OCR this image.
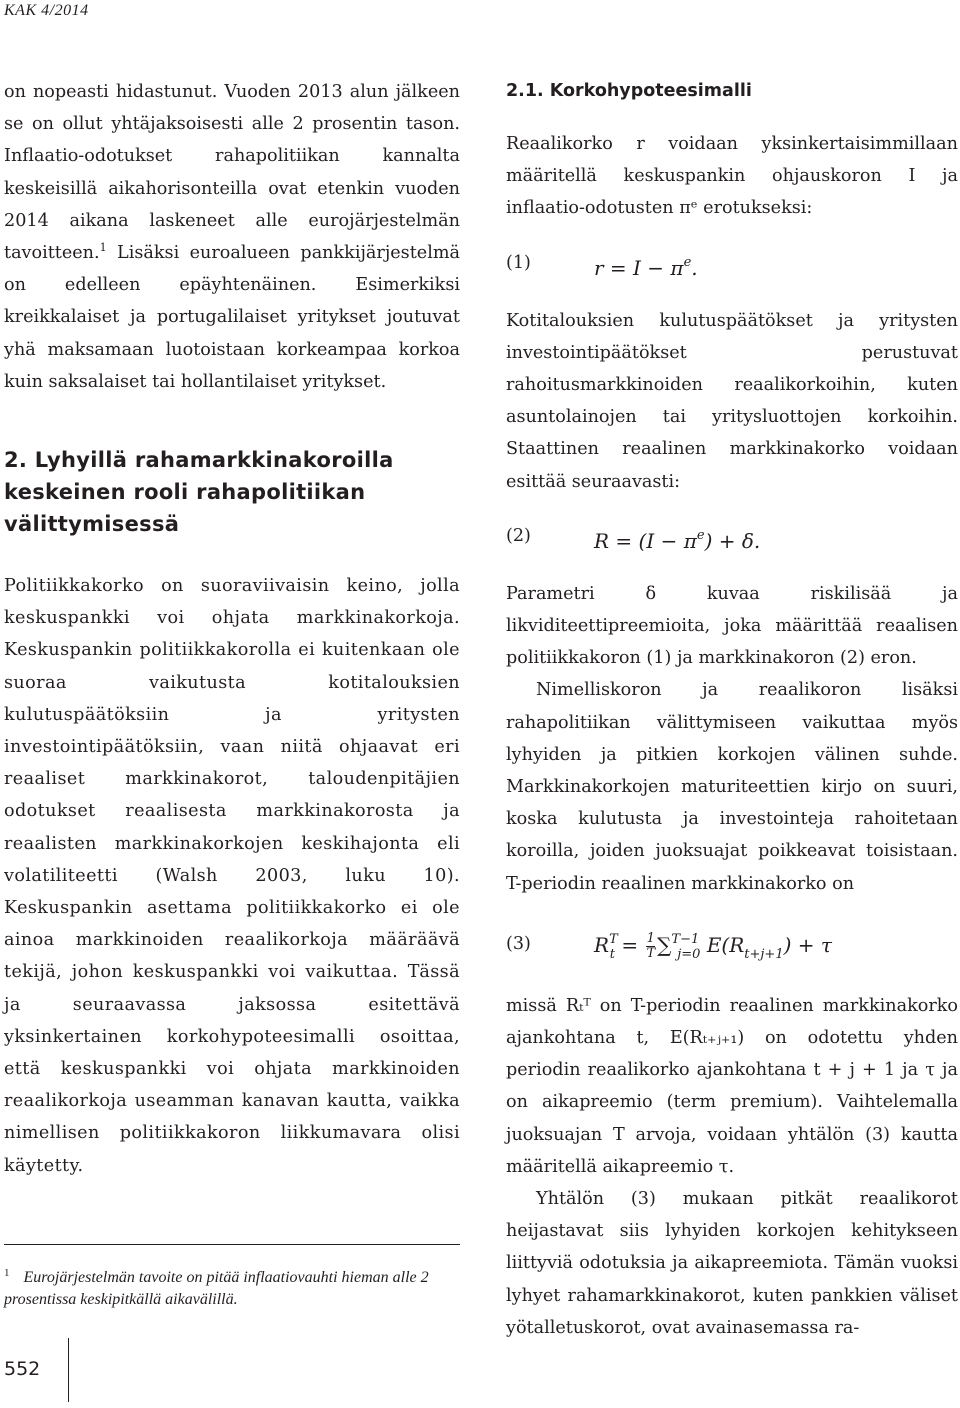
KAK 4/2014

on nopeasti hidastunut. Vuoden 2013 alun jälkeen se on ollut yhtäjaksoisesti alle 2 prosentin tason. Inflaatio-odotukset rahapolitiikan kannalta keskeisillä aikahorisonteilla ovat etenkin vuoden 2014 aikana laskeneet alle eurojärjestelmän tavoitteen.$^1$ Lisäksi euroalueen pankkijärjestelmä on edelleen epäyhtenäinen. Esimerkiksi kreikkalaiset ja portugalilaiset yritykset joutuvat yhä maksamaan luotoistaan korkeampaa korkoa kuin saksalaiset tai hollantilaiset yritykset.

2. Lyhyillä rahamarkkinakoroilla keskeinen rooli rahapolitiikan välittymisessä

Politiikkakorko on suoraviivaisin keino, jolla keskuspankki voi ohjata markkinakorkoja. Keskuspankin politiikkakorolla ei kuitenkaan ole suoraa vaikutusta kotitalouksien kulutuspäätöksiin ja yritysten investointipäätöksiin, vaan niitä ohjaavat eri reaaliset markkinakorot, taloudenpitäjien odotukset reaalisesta markkinakorosta ja reaalisten markkinakorkojen keskihajonta eli volatiliteetti (Walsh 2003, luku 10). Keskuspankin asettama politiikkakorko ei ole ainoa markkinoiden reaalikorkoja määräävä tekijä, johon keskuspankki voi vaikuttaa. Tässä ja seuraavassa jaksossa esitettävä yksinkertainen korkohypoteesimalli osoittaa, että keskuspankki voi ohjata markkinoiden reaalikorkoja useamman kanavan kautta, vaikka nimellisen politiikkakoron liikkumavara olisi käytetty.

$^1$ Eurojärjestelmän tavoite on pitää inflaatiovauhti hieman alle 2 prosentissa keskipitkällä aikavälillä.
2.1. Korkohypoteesimalli

Reaalikorko r voidaan yksinkertaisimmillaan määritellä keskuspankin ohjauskoron I ja inflaatio-odotusten πᵉ erotukseksi:

(1)	$r = I - \pi^e$.

Kotitalouksien kulutuspäätökset ja yritysten investointipäätökset perustuvat rahoitusmarkkinoiden reaalikorkoihin, kuten asuntolainojen tai yritysluottojen korkoihin. Staattinen reaalinen markkinakorko voidaan esittää seuraavasti:

(2)	$R = (I - \pi^e) + \delta$.

Parametri δ kuvaa riskilisää ja likviditeettipreemioita, joka määrittää reaalisen politiikkakoron (1) ja markkinakoron (2) eron.

Nimelliskoron ja reaalikoron lisäksi rahapolitiikan välittymiseen vaikuttaa myös lyhyiden ja pitkien korkojen välinen suhde. Markkinakorkojen maturiteettien kirjo on suuri, koska kulutusta ja investointeja rahoitetaan koroilla, joiden juoksuajat poikkeavat toisistaan. T-periodin reaalinen markkinakorko on

(3)	$R^T_t = \frac{1}{T} \sum^{T-1}_{j=0}$ $E(R_{t+j+1}) + \tau$

missä Rₜᵀ on T-periodin reaalinen markkinakorko ajankohtana t, E(Rₜ₊ⱼ₊₁) on odotettu yhden periodin reaalikorko ajankohtana t + j + 1 ja τ ja on aikapreemio (term premium). Vaihtelemalla juoksuajan T arvoja, voidaan yhtälön (3) kautta määritellä aikapreemio τ.

Yhtälön (3) mukaan pitkät reaalikorot heijastavat siis lyhyiden korkojen kehitykseen liittyviä odotuksia ja aikapreemiota. Tämän vuoksi lyhyet rahamarkkinakorot, kuten pankkien väliset yötalletuskorot, ovat avainasemassa ra-

552
